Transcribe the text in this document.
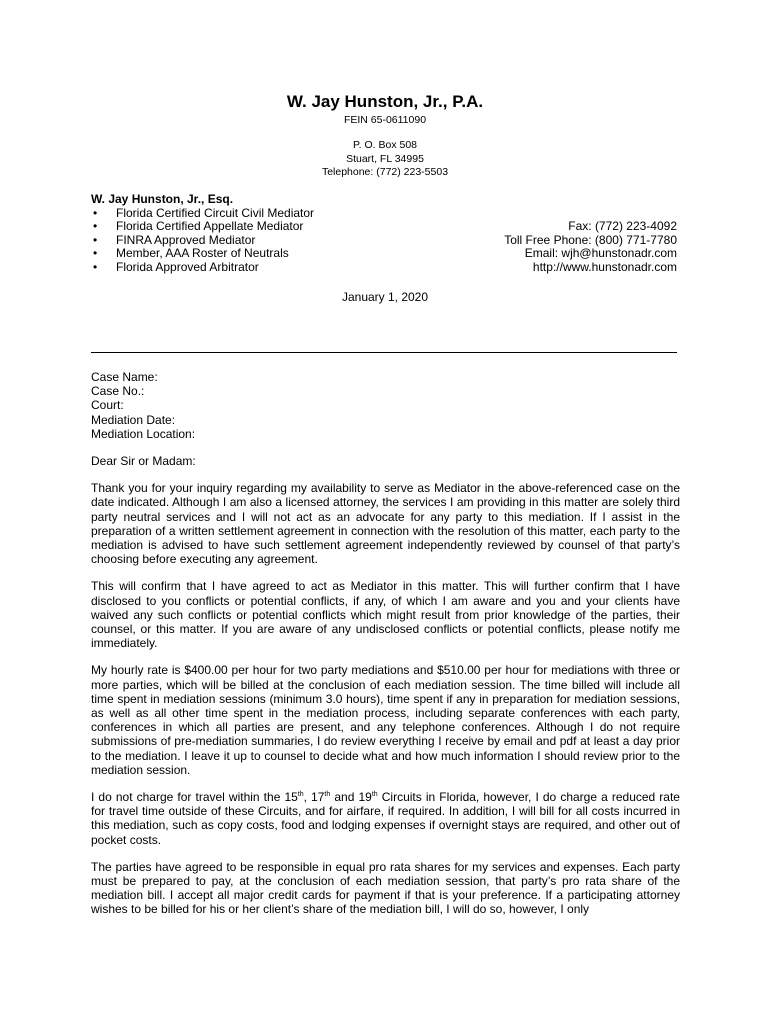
W. Jay Hunston, Jr., P.A.
FEIN 65-0611090
P. O. Box 508
Stuart, FL 34995
Telephone: (772) 223-5503
W. Jay Hunston, Jr., Esq.
• Florida Certified Circuit Civil Mediator
• Florida Certified Appellate Mediator
• FINRA Approved Mediator
• Member, AAA Roster of Neutrals
• Florida Approved Arbitrator
Fax: (772) 223-4092
Toll Free Phone: (800) 771-7780
Email: wjh@hunstonadr.com
http://www.hunstonadr.com
January 1, 2020
Case Name:
Case No.:
Court:
Mediation Date:
Mediation Location:

Dear Sir or Madam:

Thank you for your inquiry regarding my availability to serve as Mediator in the above-referenced case on the date indicated. Although I am also a licensed attorney, the services I am providing in this matter are solely third party neutral services and I will not act as an advocate for any party to this mediation. If I assist in the preparation of a written settlement agreement in connection with the resolution of this matter, each party to the mediation is advised to have such settlement agreement independently reviewed by counsel of that party’s choosing before executing any agreement.

This will confirm that I have agreed to act as Mediator in this matter. This will further confirm that I have disclosed to you conflicts or potential conflicts, if any, of which I am aware and you and your clients have waived any such conflicts or potential conflicts which might result from prior knowledge of the parties, their counsel, or this matter. If you are aware of any undisclosed conflicts or potential conflicts, please notify me immediately.

My hourly rate is $400.00 per hour for two party mediations and $510.00 per hour for mediations with three or more parties, which will be billed at the conclusion of each mediation session. The time billed will include all time spent in mediation sessions (minimum 3.0 hours), time spent if any in preparation for mediation sessions, as well as all other time spent in the mediation process, including separate conferences with each party, conferences in which all parties are present, and any telephone conferences. Although I do not require submissions of pre-mediation summaries, I do review everything I receive by email and pdf at least a day prior to the mediation. I leave it up to counsel to decide what and how much information I should review prior to the mediation session.

I do not charge for travel within the 15th, 17th and 19th Circuits in Florida, however, I do charge a reduced rate for travel time outside of these Circuits, and for airfare, if required. In addition, I will bill for all costs incurred in this mediation, such as copy costs, food and lodging expenses if overnight stays are required, and other out of pocket costs.

The parties have agreed to be responsible in equal pro rata shares for my services and expenses. Each party must be prepared to pay, at the conclusion of each mediation session, that party’s pro rata share of the mediation bill. I accept all major credit cards for payment if that is your preference. If a participating attorney wishes to be billed for his or her client’s share of the mediation bill, I will do so, however, I only
